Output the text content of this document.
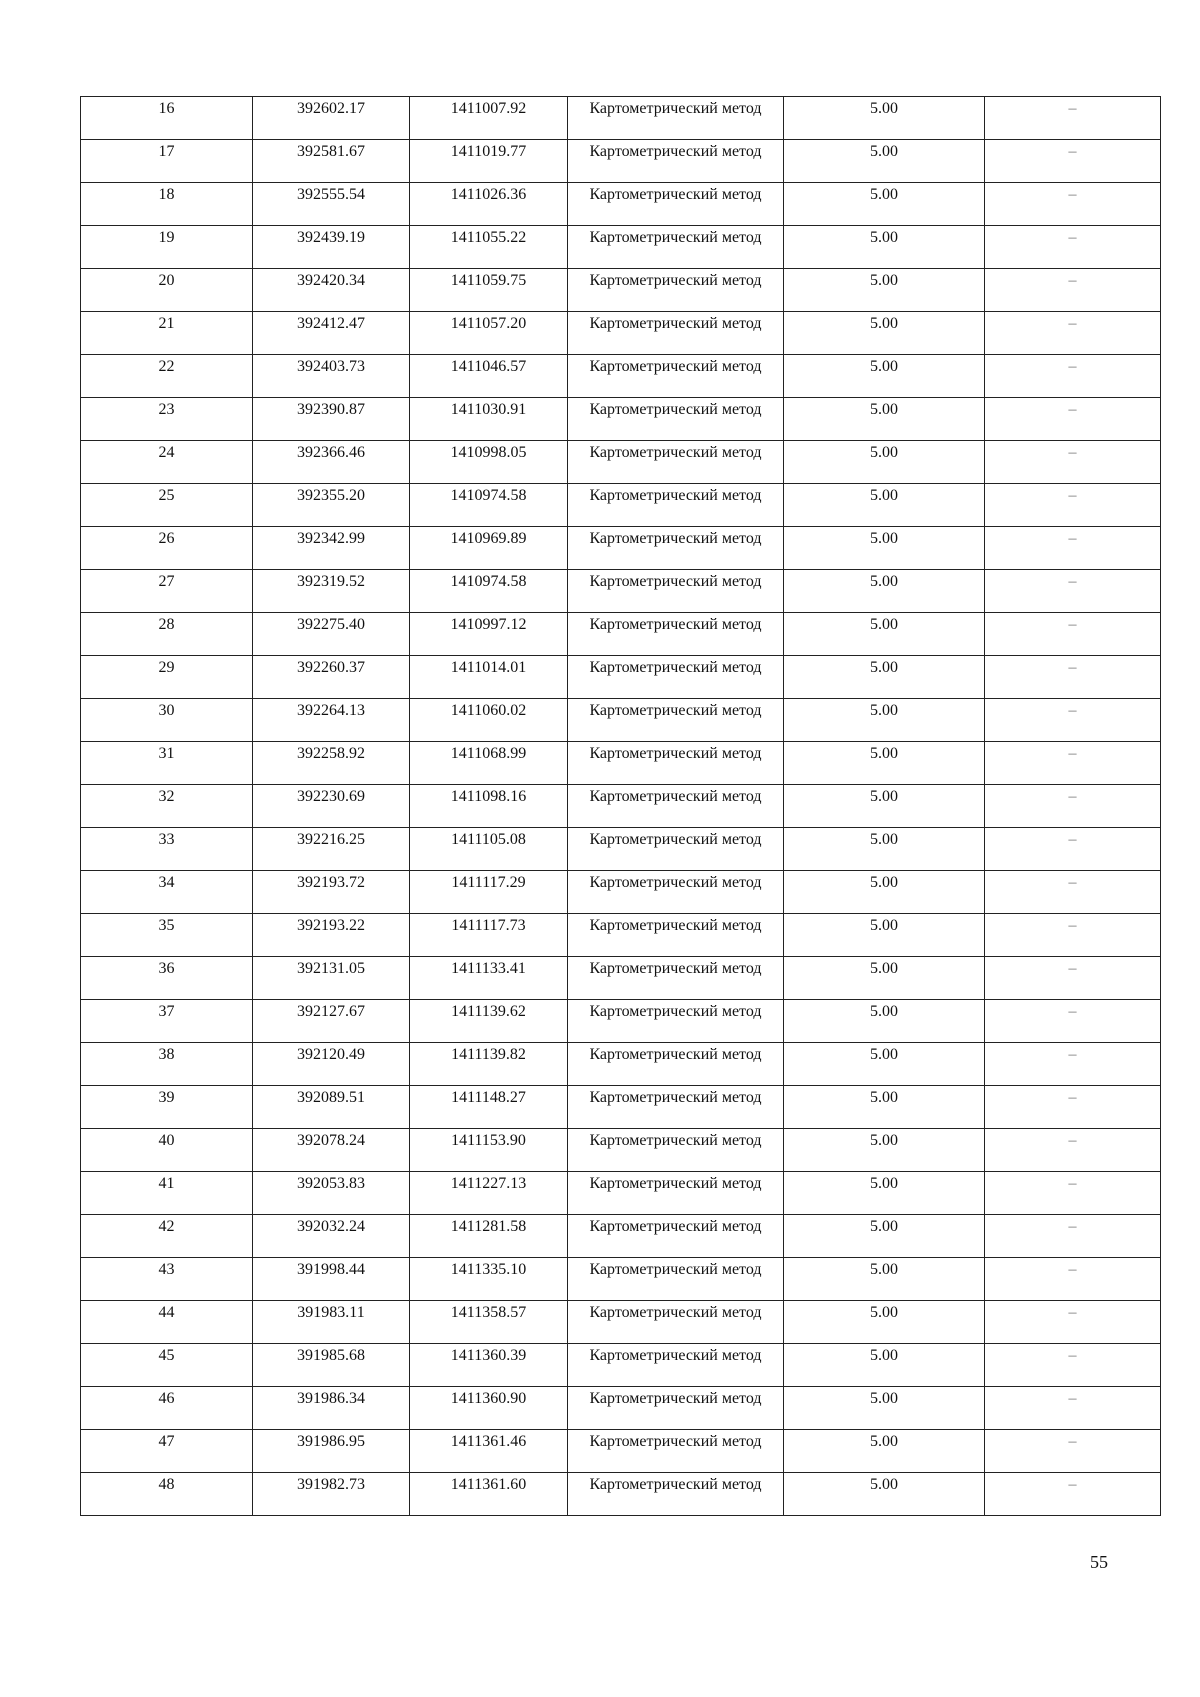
16	392602.17	1411007.92	Картометрический метод	5.00	–

17	392581.67	1411019.77	Картометрический метод	5.00	–

18	392555.54	1411026.36	Картометрический метод	5.00	–

19	392439.19	1411055.22	Картометрический метод	5.00	–

20	392420.34	1411059.75	Картометрический метод	5.00	–

21	392412.47	1411057.20	Картометрический метод	5.00	–

22	392403.73	1411046.57	Картометрический метод	5.00	–

23	392390.87	1411030.91	Картометрический метод	5.00	–

24	392366.46	1410998.05	Картометрический метод	5.00	–

25	392355.20	1410974.58	Картометрический метод	5.00	–

26	392342.99	1410969.89	Картометрический метод	5.00	–

27	392319.52	1410974.58	Картометрический метод	5.00	–

28	392275.40	1410997.12	Картометрический метод	5.00	–

29	392260.37	1411014.01	Картометрический метод	5.00	–

30	392264.13	1411060.02	Картометрический метод	5.00	–

31	392258.92	1411068.99	Картометрический метод	5.00	–

32	392230.69	1411098.16	Картометрический метод	5.00	–

33	392216.25	1411105.08	Картометрический метод	5.00	–

34	392193.72	1411117.29	Картометрический метод	5.00	–

35	392193.22	1411117.73	Картометрический метод	5.00	–

36	392131.05	1411133.41	Картометрический метод	5.00	–

37	392127.67	1411139.62	Картометрический метод	5.00	–

38	392120.49	1411139.82	Картометрический метод	5.00	–

39	392089.51	1411148.27	Картометрический метод	5.00	–

40	392078.24	1411153.90	Картометрический метод	5.00	–

41	392053.83	1411227.13	Картометрический метод	5.00	–

42	392032.24	1411281.58	Картометрический метод	5.00	–

43	391998.44	1411335.10	Картометрический метод	5.00	–

44	391983.11	1411358.57	Картометрический метод	5.00	–

45	391985.68	1411360.39	Картометрический метод	5.00	–

46	391986.34	1411360.90	Картометрический метод	5.00	–

47	391986.95	1411361.46	Картометрический метод	5.00	–

48	391982.73	1411361.60	Картометрический метод	5.00	–
55
